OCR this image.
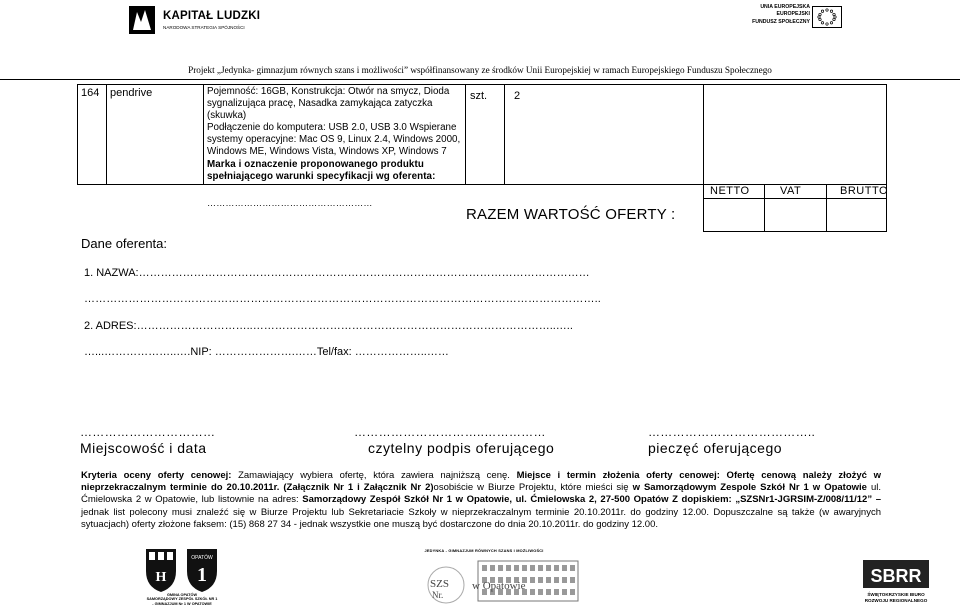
KAPITAŁ LUDZKI
NARODOWA STRATEGIA SPÓJNOŚCI
UNIA EUROPEJSKA
EUROPEJSKI
FUNDUSZ SPOŁECZNY
Projekt „Jedynka- gimnazjum równych szans i możliwości” współfinansowany ze środków Unii Europejskiej w ramach Europejskiego Funduszu Społecznego
164 pendrive	Pojemność: 16GB, Konstrukcja: Otwór na smycz, Dioda
sygnalizująca pracę, Nasadka zamykająca zatyczka (skuwka)
Podłączenie do komputera: USB 2.0, USB 3.0 Wspierane
systemy operacyjne: Mac OS 9, Linux 2.4, Windows 2000,
Windows ME, Windows Vista, Windows XP, Windows 7
Marka i oznaczenie proponowanego produktu
spełniającego warunki specyfikacji wg oferenta:
………………………………………………
szt. 2
RAZEM WARTOŚĆ OFERTY :
NETTO	VAT	BRUTTO
Dane oferenta:
1. NAZWA:……………………………………………………………………………………………………………
…………………………………………………………………………………………………………………………..
2. ADRES:…………………………..………………………………………………………………………..…..
…...………………..….NIP: ………………….……Tel/fax: ………………..……
……………………………	…………………………..……………	…………………………………..
Miejscowość i data	czytelny podpis oferującego	pieczęć oferującego
Kryteria oceny oferty cenowej: Zamawiający wybiera ofertę, która zawiera najniższą cenę. Miejsce i termin złożenia oferty cenowej: Ofertę cenową należy złożyć w nieprzekraczalnym terminie do 20.10.2011r. (Załącznik Nr 1 i Załącznik Nr 2)osobiście w Biurze Projektu, które mieści się w Samorządowym Zespole Szkół Nr 1 w Opatowie ul. Ćmielowska 2 w Opatowie, lub listownie na adres: Samorządowy Zespół Szkół Nr 1 w Opatowie, ul. Ćmielowska 2, 27-500 Opatów Z dopiskiem: „SZSNr1-JGRSIM-Z/008/11/12” – jednak list polecony musi znaleźć się w Biurze Projektu lub Sekretariacie Szkoły w nieprzekraczalnym terminie 20.10.2011r. do godziny 12.00. Dopuszczalne są także (w awaryjnych sytuacjach) oferty złożone faksem: (15) 868 27 34 - jednak wszystkie one muszą być dostarczone do dnia 20.10.2011r. do godziny 12.00.
H
OPATÓW
1
GMINA OPATÓW
SAMORZĄDOWY ZESPÓŁ SZKÓŁ NR 1
- GIMNAZJUM Nr 1 W OPATOWIE
JEDYNKA - GIMNAZJUM RÓWNYCH SZANS I MOŻLIWOŚCI
SZS
Nr.
w Opatowie	SBRR
ŚWIĘTOKRZYSKIE BIURO
ROZWOJU REGIONALNEGO
